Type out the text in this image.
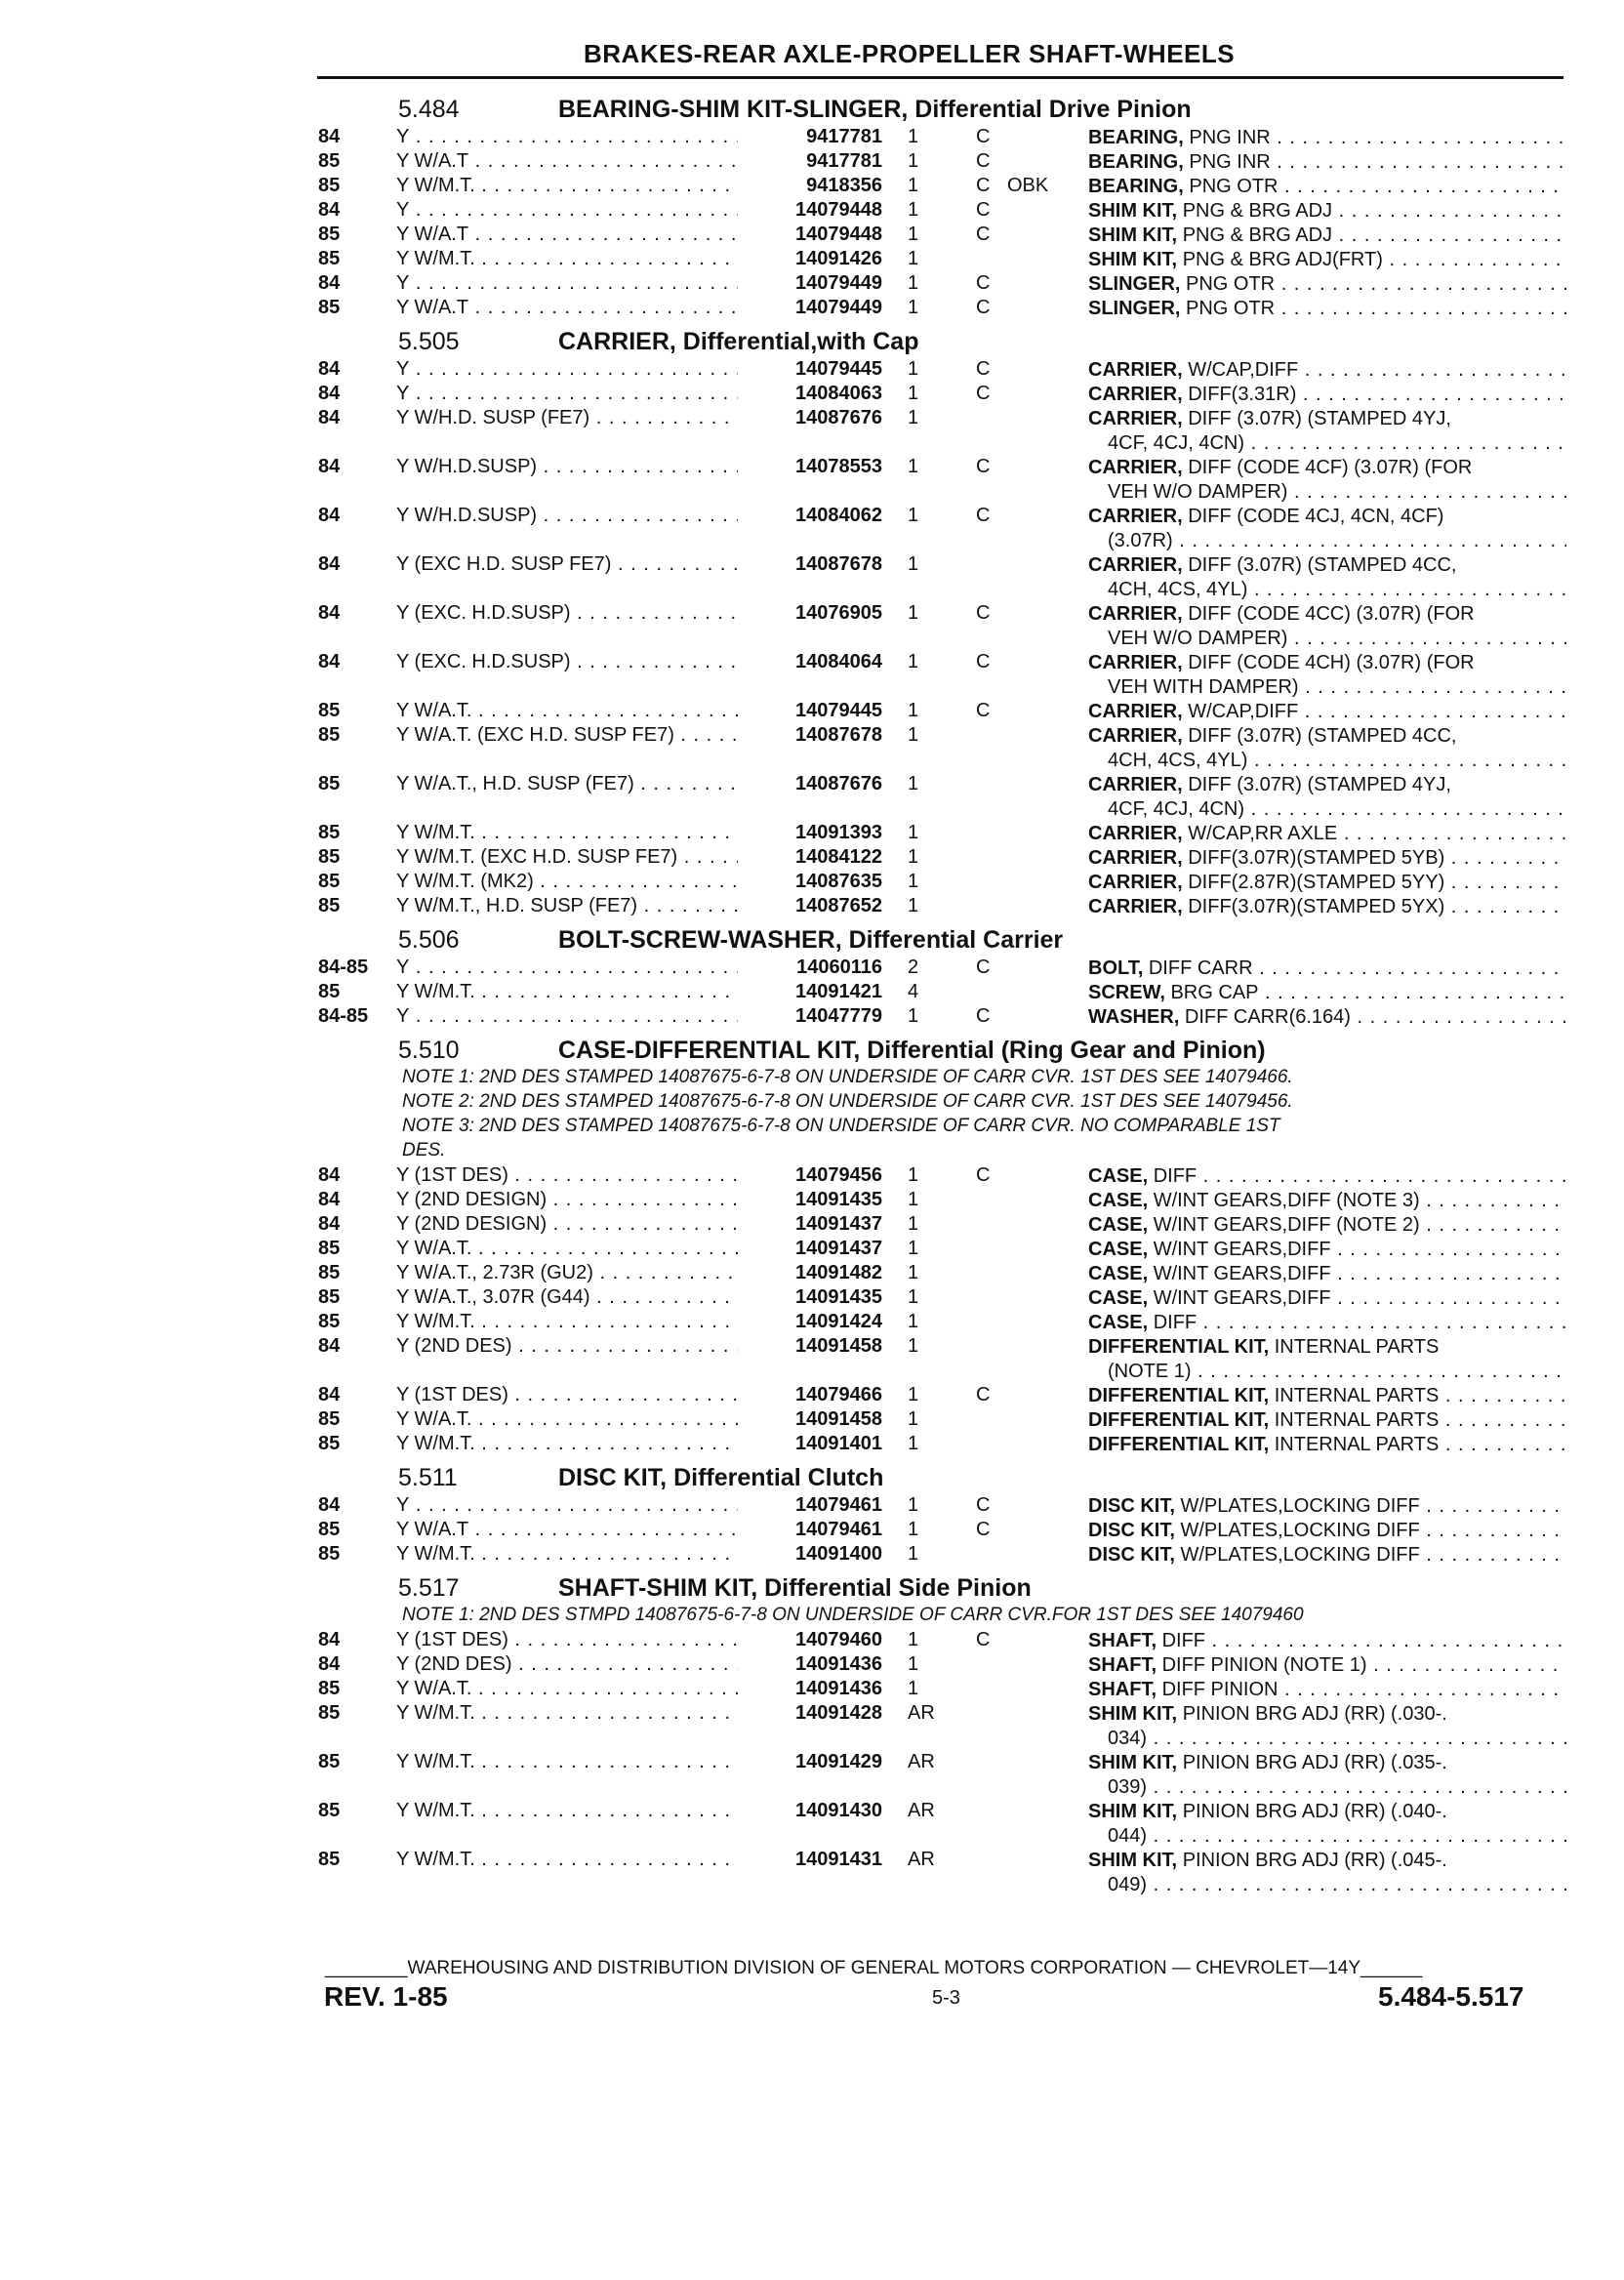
BRAKES-REAR AXLE-PROPELLER SHAFT-WHEELS
5.484	BEARING-SHIM KIT-SLINGER, Differential Drive Pinion
84	Y . . .	9417781 1	C	BEARING, PNG INR . . .
85	Y W/A.T . . .	9417781 1	C	BEARING, PNG INR . . .
85	Y W/M.T. . . .	9418356 1	C OBK BEARING, PNG OTR . . .
84	Y . . .	14079448 1	C	SHIM KIT, PNG & BRG ADJ . . .
85	Y W/A.T . . .	14079448 1	C	SHIM KIT, PNG & BRG ADJ . . .
85	Y W/M.T. . . .	14091426 1	SHIM KIT, PNG & BRG ADJ(FRT) . . .
84	Y . . .	14079449 1	C	SLINGER, PNG OTR . . .
85	Y W/A.T . . .	14079449 1	C	SLINGER, PNG OTR . . .
5.505	CARRIER, Differential,with Cap
84	Y . . .	14079445 1	C	CARRIER, W/CAP,DIFF . . .
84	Y . . .	14084063 1	C	CARRIER, DIFF(3.31R) . . .
84	Y W/H.D. SUSP (FE7) . . .	14087676 1	CARRIER, DIFF (3.07R) (STAMPED 4YJ,
4CF, 4CJ, 4CN) . . .
84	Y W/H.D.SUSP) . . .	14078553 1	C	CARRIER, DIFF (CODE 4CF) (3.07R) (FOR
VEH W/O DAMPER) . . .
84	Y W/H.D.SUSP) . . .	14084062 1	C	CARRIER, DIFF (CODE 4CJ, 4CN, 4CF)
(3.07R) . . .
84	Y (EXC H.D. SUSP FE7) . . .	14087678 1	CARRIER, DIFF (3.07R) (STAMPED 4CC,
4CH, 4CS, 4YL) . . .
84	Y (EXC. H.D.SUSP) . . .	14076905 1	C	CARRIER, DIFF (CODE 4CC) (3.07R) (FOR
VEH W/O DAMPER) . . .
84	Y (EXC. H.D.SUSP) . . .	14084064 1	C	CARRIER, DIFF (CODE 4CH) (3.07R) (FOR
VEH WITH DAMPER) . . .
85	Y W/A.T. . . .	14079445 1	C	CARRIER, W/CAP,DIFF . . .
85	Y W/A.T. (EXC H.D. SUSP FE7) . . .	14087678 1	CARRIER, DIFF (3.07R) (STAMPED 4CC,
4CH, 4CS, 4YL) . . .
85	Y W/A.T., H.D. SUSP (FE7) . . .	14087676 1	CARRIER, DIFF (3.07R) (STAMPED 4YJ,
4CF, 4CJ, 4CN) . . .
85	Y W/M.T. . . .	14091393 1	CARRIER, W/CAP,RR AXLE . . .
85	Y W/M.T. (EXC H.D. SUSP FE7) . . .	14084122 1	CARRIER, DIFF(3.07R)(STAMPED 5YB) . . .
85	Y W/M.T. (MK2) . . .	14087635 1	CARRIER, DIFF(2.87R)(STAMPED 5YY) . . .
85	Y W/M.T., H.D. SUSP (FE7) . . .	14087652 1	CARRIER, DIFF(3.07R)(STAMPED 5YX) . . .
5.506	BOLT-SCREW-WASHER, Differential Carrier
84-85 Y . . .	14060116 2	C	BOLT, DIFF CARR . . .
85	Y W/M.T. . . .	14091421 4	SCREW, BRG CAP . . .
84-85 Y . . .	14047779 1	C	WASHER, DIFF CARR(6.164) . . .
5.510	CASE-DIFFERENTIAL KIT, Differential (Ring Gear and Pinion)
NOTE 1: 2ND DES STAMPED 14087675-6-7-8 ON UNDERSIDE OF CARR CVR. 1ST DES SEE 14079466.
NOTE 2: 2ND DES STAMPED 14087675-6-7-8 ON UNDERSIDE OF CARR CVR. 1ST DES SEE 14079456.
NOTE 3: 2ND DES STAMPED 14087675-6-7-8 ON UNDERSIDE OF CARR CVR. NO COMPARABLE 1ST
DES.
84	Y (1ST DES) . . .	14079456 1	C	CASE, DIFF . . .
84	Y (2ND DESIGN) . . .	14091435 1	CASE, W/INT GEARS,DIFF (NOTE 3) . . .
84	Y (2ND DESIGN) . . .	14091437 1	CASE, W/INT GEARS,DIFF (NOTE 2) . . .
85	Y W/A.T. . . .	14091437 1	CASE, W/INT GEARS,DIFF . . .
85	Y W/A.T., 2.73R (GU2) . . .	14091482 1	CASE, W/INT GEARS,DIFF . . .
85	Y W/A.T., 3.07R (G44) . . .	14091435 1	CASE, W/INT GEARS,DIFF . . .
85	Y W/M.T. . . .	14091424 1	CASE, DIFF . . .
84	Y (2ND DES) . . .	14091458 1	DIFFERENTIAL KIT, INTERNAL PARTS
(NOTE 1) . . .
84	Y (1ST DES) . . .	14079466 1	C	DIFFERENTIAL KIT, INTERNAL PARTS . . .
85	Y W/A.T. . . .	14091458 1	DIFFERENTIAL KIT, INTERNAL PARTS . . .
85	Y W/M.T. . . .	14091401 1	DIFFERENTIAL KIT, INTERNAL PARTS . . .
5.511	DISC KIT, Differential Clutch
84	Y . . .	14079461 1	C	DISC KIT, W/PLATES,LOCKING DIFF . . .
85	Y W/A.T . . .	14079461 1	C	DISC KIT, W/PLATES,LOCKING DIFF . . .
85	Y W/M.T. . . .	14091400 1	DISC KIT, W/PLATES,LOCKING DIFF . . .
5.517	SHAFT-SHIM KIT, Differential Side Pinion
NOTE 1: 2ND DES STMPD 14087675-6-7-8 ON UNDERSIDE OF CARR CVR.FOR 1ST DES SEE 14079460
84	Y (1ST DES) . . .	14079460 1	C	SHAFT, DIFF . . .
84	Y (2ND DES) . . .	14091436 1	SHAFT, DIFF PINION (NOTE 1) . . .
85	Y W/A.T. . . .	14091436 1	SHAFT, DIFF PINION . . .
85	Y W/M.T. . . .	14091428 AR	SHIM KIT, PINION BRG ADJ (RR) (.030-.
034) . . .
85	Y W/M.T. . . .	14091429 AR	SHIM KIT, PINION BRG ADJ (RR) (.035-.
039) . . .
85	Y W/M.T. . . .	14091430 AR	SHIM KIT, PINION BRG ADJ (RR) (.040-.
044) . . .
85	Y W/M.T. . . .	14091431 AR	SHIM KIT, PINION BRG ADJ (RR) (.045-.
049) . . .
________WAREHOUSING AND DISTRIBUTION DIVISION OF GENERAL MOTORS CORPORATION — CHEVROLET—14Y______
REV. 1-85	5-3	5.484-5.517
